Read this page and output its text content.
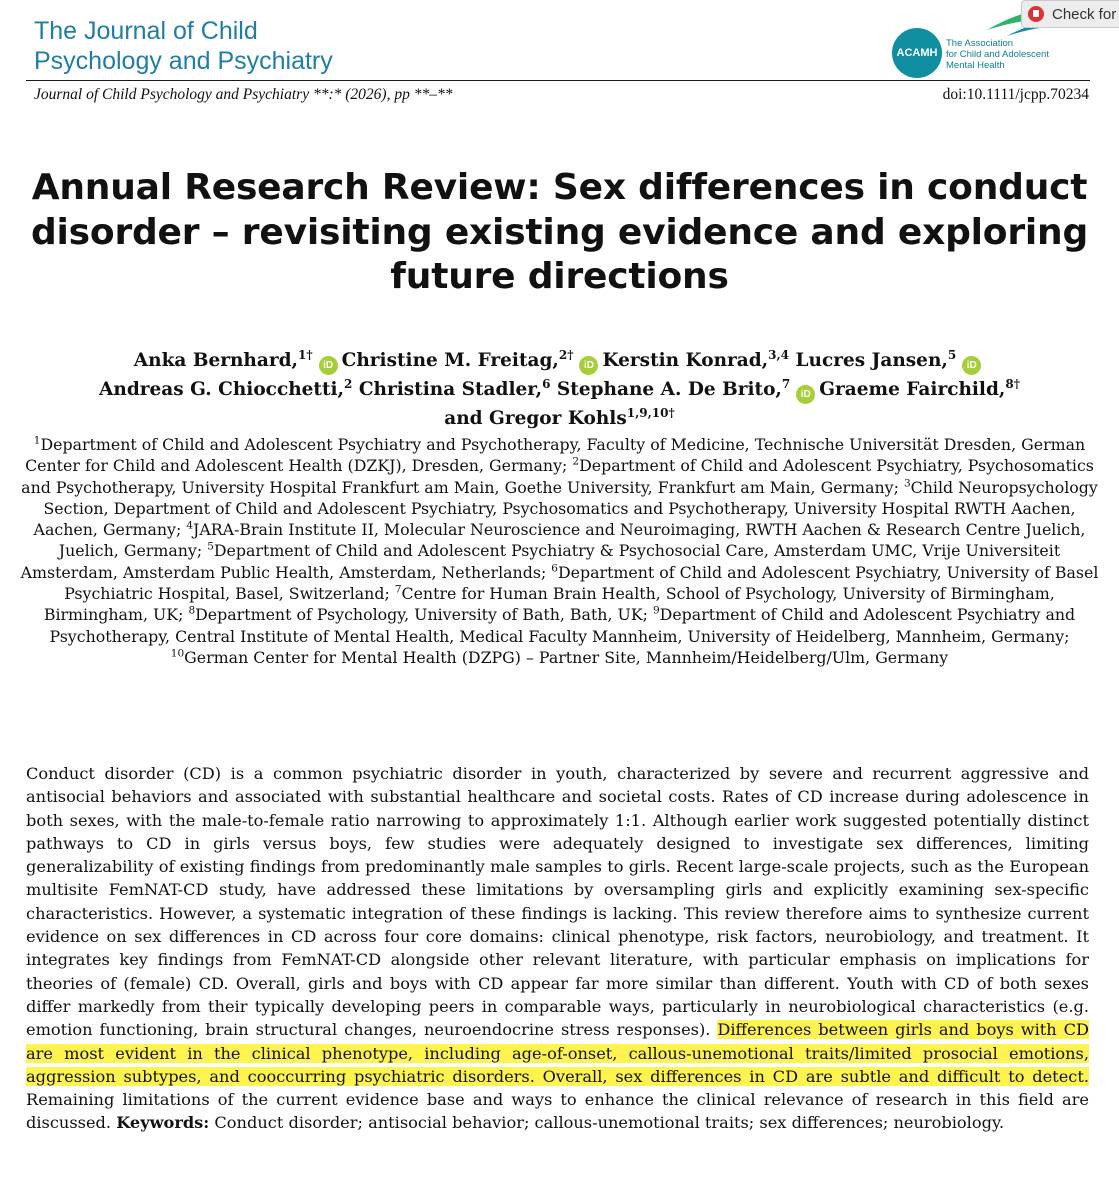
The Journal of Child
Psychology and Psychiatry	ACAMH
The Association
for Child and Adolescent
Mental Health
Check for
Journal of Child Psychology and Psychiatry **:* (2026), pp **–**	doi:10.1111/jcpp.70234
Annual Research Review: Sex differences in conduct disorder – revisiting existing evidence and exploring future directions
Anka Bernhard,$^{1\dagger}$iD Christine M. Freitag,$^{2\dagger}$iD Kerstin Konrad,$^{3,4}$ Lucres Jansen,$^5$iD
Andreas G. Chiocchetti,$^2$ Christina Stadler,$^6$ Stephane A. De Brito,$^7$iD Graeme Fairchild,$^{8\dagger}$
and Gregor Kohls$^{1,9,10\dagger}$
$^1$Department of Child and Adolescent Psychiatry and Psychotherapy, Faculty of Medicine, Technische Universität Dresden, German Center for Child and Adolescent Health (DZKJ), Dresden, Germany; $^2$Department of Child and Adolescent Psychiatry, Psychosomatics and Psychotherapy, University Hospital Frankfurt am Main, Goethe University, Frankfurt am Main, Germany; $^3$Child Neuropsychology Section, Department of Child and Adolescent Psychiatry, Psychosomatics and Psychotherapy, University Hospital RWTH Aachen, Aachen, Germany; $^4$JARA-Brain Institute II, Molecular Neuroscience and Neuroimaging, RWTH Aachen & Research Centre Juelich, Juelich, Germany; $^5$Department of Child and Adolescent Psychiatry & Psychosocial Care, Amsterdam UMC, Vrije Universiteit Amsterdam, Amsterdam Public Health, Amsterdam, Netherlands; $^6$Department of Child and Adolescent Psychiatry, University of Basel Psychiatric Hospital, Basel, Switzerland; $^7$Centre for Human Brain Health, School of Psychology, University of Birmingham, Birmingham, UK; $^8$Department of Psychology, University of Bath, Bath, UK; $^9$Department of Child and Adolescent Psychiatry and Psychotherapy, Central Institute of Mental Health, Medical Faculty Mannheim, University of Heidelberg, Mannheim, Germany; $^{10}$German Center for Mental Health (DZPG) – Partner Site, Mannheim/Heidelberg/Ulm, Germany

Conduct disorder (CD) is a common psychiatric disorder in youth, characterized by severe and recurrent aggressive and antisocial behaviors and associated with substantial healthcare and societal costs. Rates of CD increase during adolescence in both sexes, with the male-to-female ratio narrowing to approximately 1:1. Although earlier work suggested potentially distinct pathways to CD in girls versus boys, few studies were adequately designed to investigate sex differences, limiting generalizability of existing findings from predominantly male samples to girls. Recent large-scale projects, such as the European multisite FemNAT-CD study, have addressed these limitations by oversampling girls and explicitly examining sex-specific characteristics. However, a systematic integration of these findings is lacking. This review therefore aims to synthesize current evidence on sex differences in CD across four core domains: clinical phenotype, risk factors, neurobiology, and treatment. It integrates key findings from FemNAT-CD alongside other relevant literature, with particular emphasis on implications for theories of (female) CD. Overall, girls and boys with CD appear far more similar than different. Youth with CD of both sexes differ markedly from their typically developing peers in comparable ways, particularly in neurobiological characteristics (e.g. emotion functioning, brain structural changes, neuroendocrine stress responses). Differences between girls and boys with CD are most evident in the clinical phenotype, including age-of-onset, callous-unemotional traits/limited prosocial emotions, aggression subtypes, and cooccurring psychiatric disorders. Overall, sex differences in CD are subtle and difficult to detect. Remaining limitations of the current evidence base and ways to enhance the clinical relevance of research in this field are discussed. Keywords: Conduct disorder; antisocial behavior; callous-unemotional traits; sex differences; neurobiology.
